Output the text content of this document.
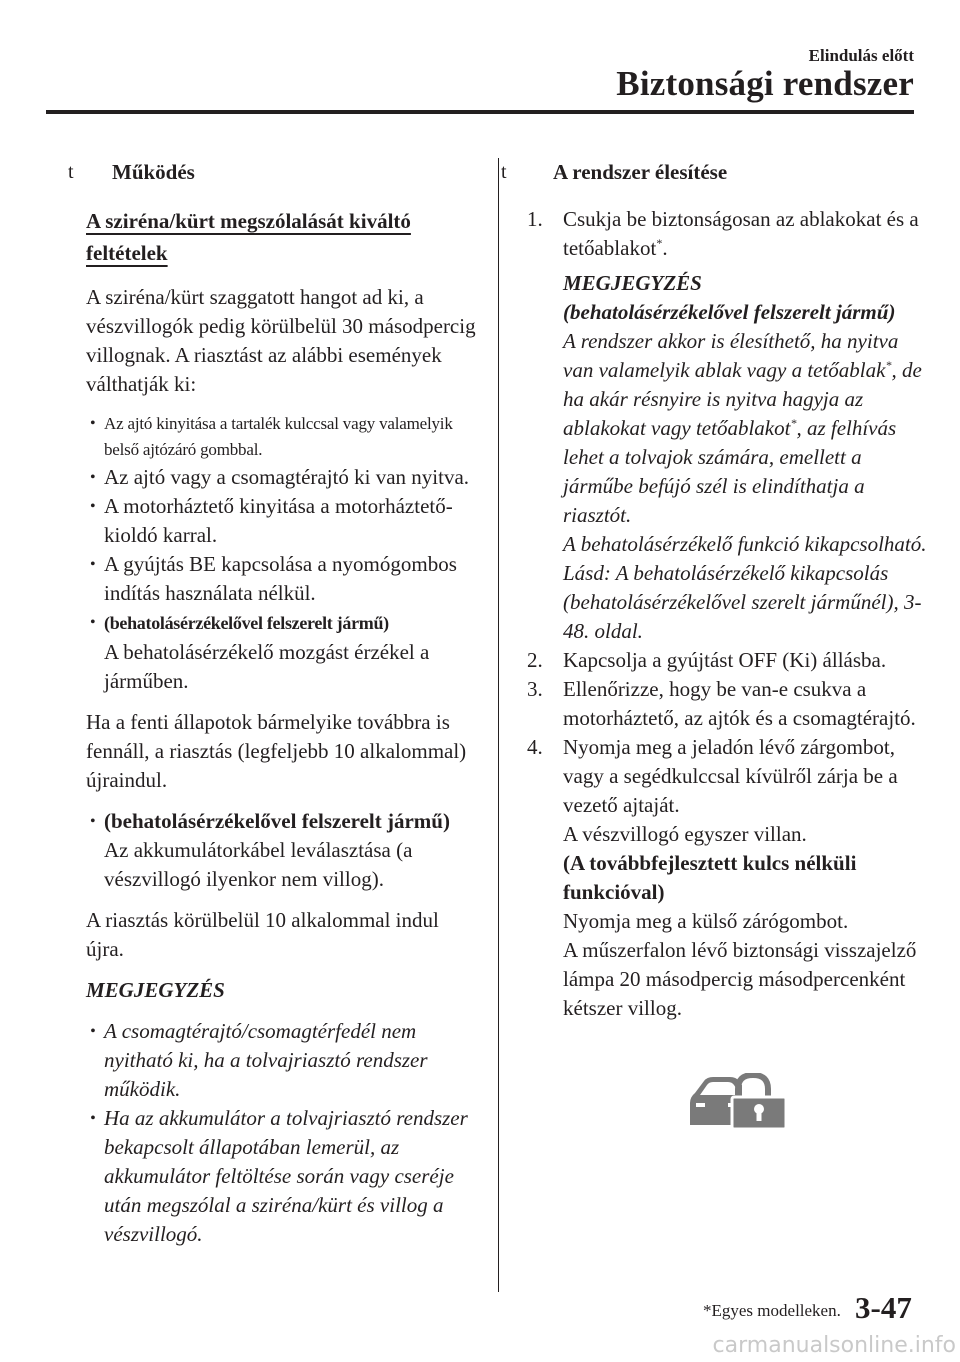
Elindulás előtt
Biztonsági rendszer
t Működés
A sziréna/kürt megszólalását kiváltó feltételek

A sziréna/kürt szaggatott hangot ad ki, a vészvillogók pedig körülbelül 30 másodpercig villognak. A riasztást az alábbi események válthatják ki:

• Az ajtó kinyitása a tartalék kulccsal vagy valamelyik belső ajtózáró gombbal.
• Az ajtó vagy a csomagtérajtó ki van nyitva.
• A motorháztető kinyitása a motorháztető-kioldó karral.
• A gyújtás BE kapcsolása a nyomógombos indítás használata nélkül.
• (behatolásérzékelővel felszerelt jármű)
A behatolásérzékelő mozgást érzékel a járműben.

Ha a fenti állapotok bármelyike továbbra is fennáll, a riasztás (legfeljebb 10 alkalommal) újraindul.

• (behatolásérzékelővel felszerelt jármű)
Az akkumulátorkábel leválasztása (a vészvillogó ilyenkor nem villog).

A riasztás körülbelül 10 alkalommal indul újra.

MEGJEGYZÉS
• A csomagtérajtó/csomagtérfedél nem nyitható ki, ha a tolvajriasztó rendszer működik.
• Ha az akkumulátor a tolvajriasztó rendszer bekapcsolt állapotában lemerül, az akkumulátor feltöltése során vagy cseréje után megszólal a sziréna/kürt és villog a vészvillogó.
t A rendszer élesítése
1. Csukja be biztonságosan az ablakokat és a tetőablakot*.
MEGJEGYZÉS
(behatolásérzékelővel felszerelt jármű)
A rendszer akkor is élesíthető, ha nyitva van valamelyik ablak vagy a tetőablak*, de ha akár résnyire is nyitva hagyja az ablakokat vagy tetőablakot*, az felhívás lehet a tolvajok számára, emellett a járműbe befújó szél is elindíthatja a riasztót.
A behatolásérzékelő funkció kikapcsolható.
Lásd: A behatolásérzékelő kikapcsolás (behatolásérzékelővel szerelt járműnél), 3-48. oldal.
2. Kapcsolja a gyújtást OFF (Ki) állásba.
3. Ellenőrizze, hogy be van-e csukva a motorháztető, az ajtók és a csomagtérajtó.
4. Nyomja meg a jeladón lévő zárgombot, vagy a segédkulccsal kívülről zárja be a vezető ajtaját.
A vészvillogó egyszer villan.
(A továbbfejlesztett kulcs nélküli funkcióval)
Nyomja meg a külső zárógombot.
A műszerfalon lévő biztonsági visszajelző lámpa 20 másodpercig másodpercenként kétszer villog.
*Egyes modelleken. 3-47
carmanualsonline.info
